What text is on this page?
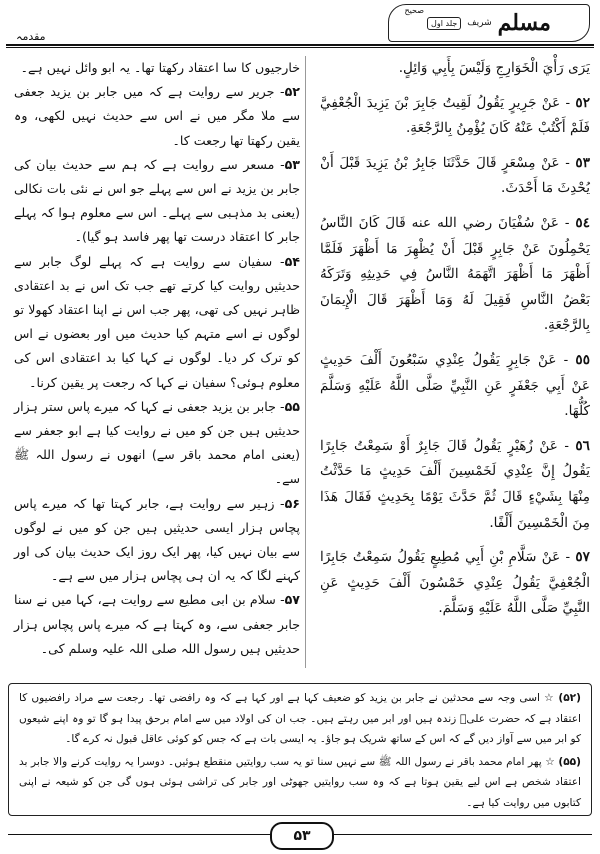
مسلم
شریف
جلد اول
صحیح
مقدمہ

يَرَى رَأْيَ الْخَوَارِجِ وَلَيْسَ بِأَبِي وَائِلٍ.

٥٢ - عَنْ جَرِيرٍ يَقُولُ لَقِيتُ جَابِرَ بْنَ يَزِيدَ الْجُعْفِيَّ فَلَمْ أَكْتُبْ عَنْهُ كَانَ يُؤْمِنُ بِالرَّجْعَةِ.

٥٣ - عَنْ مِسْعَرٍ قَالَ حَدَّثَنَا جَابِرُ بْنُ يَزِيدَ قَبْلَ أَنْ يُحْدِثَ مَا أَحْدَثَ.

٥٤ - عَنْ سُفْيَانَ رضي الله عنه قَالَ كَانَ النَّاسُ يَحْمِلُونَ عَنْ جَابِرٍ قَبْلَ أَنْ يُظْهِرَ مَا أَظْهَرَ فَلَمَّا أَظْهَرَ مَا أَظْهَرَ اتَّهَمَهُ النَّاسُ فِي حَدِيثِهِ وَتَرَكَهُ بَعْضُ النَّاسِ فَقِيلَ لَهُ وَمَا أَظْهَرَ قَالَ الْإِيمَانَ بِالرَّجْعَةِ.

٥٥ - عَنْ جَابِرٍ يَقُولُ عِنْدِي سَبْعُونَ أَلْفَ حَدِيثٍ عَنْ أَبِي جَعْفَرٍ عَنِ النَّبِيِّ صَلَّى اللَّهُ عَلَيْهِ وَسَلَّمَ كُلُّهَا.

٥٦ - عَنْ زُهَيْرٍ يَقُولُ قَالَ جَابِرٌ أَوْ سَمِعْتُ جَابِرًا يَقُولُ إِنَّ عِنْدِي لَخَمْسِينَ أَلْفَ حَدِيثٍ مَا حَدَّثْتُ مِنْهَا بِشَيْءٍ قَالَ ثُمَّ حَدَّثَ يَوْمًا بِحَدِيثٍ فَقَالَ هَذَا مِنَ الْخَمْسِينَ أَلْفًا.

٥٧ - عَنْ سَلَّامِ بْنِ أَبِي مُطِيعٍ يَقُولُ سَمِعْتُ جَابِرًا الْجُعْفِيَّ يَقُولُ عِنْدِي خَمْسُونَ أَلْفَ حَدِيثٍ عَنِ النَّبِيِّ صَلَّى اللَّهُ عَلَيْهِ وَسَلَّمَ.

خارجیوں کا سا اعتقاد رکھتا تھا۔ یہ ابو وائل نہیں ہے۔

۵۲- جریر سے روایت ہے کہ میں جابر بن یزید جعفی سے ملا مگر میں نے اس سے حدیث نہیں لکھی، وہ یقین رکھتا تھا رجعت کا۔

۵۳- مسعر سے روایت ہے کہ ہم سے حدیث بیان کی جابر بن یزید نے اس سے پہلے جو اس نے نئی بات نکالی (یعنی بد مذہبی سے پہلے۔ اس سے معلوم ہوا کہ پہلے جابر کا اعتقاد درست تھا پھر فاسد ہو گیا)۔

۵۴- سفیان سے روایت ہے کہ پہلے لوگ جابر سے حدیثیں روایت کیا کرتے تھے جب تک اس نے بد اعتقادی ظاہر نہیں کی تھی، پھر جب اس نے اپنا اعتقاد کھولا تو لوگوں نے اسے متہم کیا حدیث میں اور بعضوں نے اس کو ترک کر دیا۔ لوگوں نے کہا کیا بد اعتقادی اس کی معلوم ہوئی؟ سفیان نے کہا کہ رجعت پر یقین کرنا۔

۵۵- جابر بن یزید جعفی نے کہا کہ میرے پاس ستر ہزار حدیثیں ہیں جن کو میں نے روایت کیا ہے ابو جعفر سے (یعنی امام محمد باقر سے) انھوں نے رسول اللہ ﷺ سے۔

۵۶- زہیر سے روایت ہے، جابر کہتا تھا کہ میرے پاس پچاس ہزار ایسی حدیثیں ہیں جن کو میں نے لوگوں سے بیان نہیں کیا، پھر ایک روز ایک حدیث بیان کی اور کہنے لگا کہ یہ ان ہی پچاس ہزار میں سے ہے۔

۵۷- سلام بن ابی مطیع سے روایت ہے، کہا میں نے سنا جابر جعفی سے، وہ کہتا ہے کہ میرے پاس پچاس ہزار حدیثیں ہیں رسول اللہ صلی اللہ علیہ وسلم کی۔

(۵۲) ☆ اسی وجہ سے محدثین نے جابر بن یزید کو ضعیف کہا ہے اور کہا ہے کہ وہ رافضی تھا۔ رجعت سے مراد رافضیوں کا اعتقاد ہے کہ حضرت علیؓ زندہ ہیں اور ابر میں رہتے ہیں۔ جب ان کی اولاد میں سے امام برحق پیدا ہو گا تو وہ اپنے شیعوں کو ابر میں سے آواز دیں گے کہ اس کے ساتھ شریک ہو جاؤ۔ یہ ایسی بات ہے کہ جس کو کوئی عاقل قبول نہ کرے گا۔

(۵۵) ☆ پھر امام محمد باقر نے رسول اللہ ﷺ سے نہیں سنا تو یہ سب روایتیں منقطع ہوئیں۔ دوسرا یہ روایت کرنے والا جابر بد اعتقاد شخص ہے اس لیے یقین ہوتا ہے کہ وہ سب روایتیں جھوٹی اور جابر کی تراشی ہوئی ہوں گی جن کو شیعہ نے اپنی کتابوں میں روایت کیا ہے۔

۵۳
